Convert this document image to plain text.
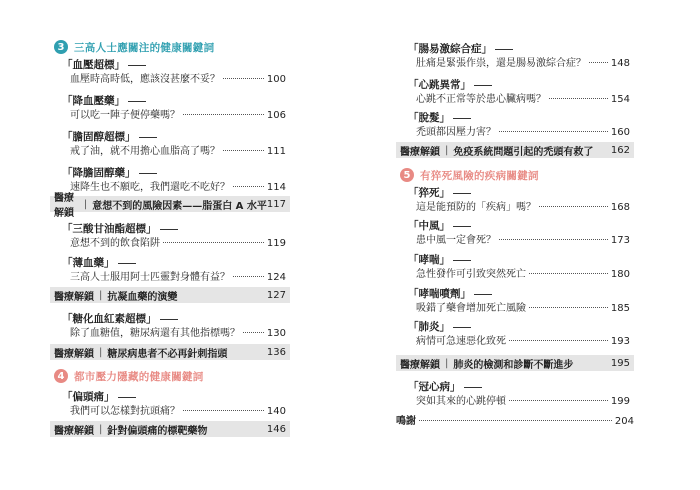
3 三高人士應關注的健康關鍵詞
「血壓超標」
血壓時高時低，應該沒甚麼不妥？	100
「降血壓藥」
可以吃一陣子便停藥嗎？	106
「膽固醇超標」
戒了油，就不用擔心血脂高了嗎？	111
「降膽固醇藥」
速降生也不願吃，我們還吃不吃好？	114
醫療解鎖
| 意想不到的風險因素——脂蛋白 A 水平 117
「三酸甘油酯超標」
意想不到的飲食陷阱	119
「薄血藥」
三高人士服用阿士匹靈對身體有益？	124
醫療解鎖 | 抗凝血藥的演變	127
「糖化血紅素超標」
除了血糖值，糖尿病還有其他指標嗎？	130
醫療解鎖 | 糖尿病患者不必再針刺指頭	136
4 都市壓力隱藏的健康關鍵詞
「偏頭痛」
我們可以怎樣對抗頭痛？	140
醫療解鎖 | 針對偏頭痛的標靶藥物	146
「腸易激綜合症」
肚痛是緊張作祟，還是腸易激綜合症？ 148
「心跳異常」
心跳不正常等於患心臟病嗎？	154
「脫髮」
禿頭都因壓力害？	160
醫療解鎖 | 免疫系統問題引起的禿頭有救了 162
5 有猝死風險的疾病關鍵詞
「猝死」
這是能預防的「疾病」嗎？	168
「中風」
患中風一定會死？	173
「哮喘」
急性發作可引致突然死亡	180
「哮喘噴劑」
吸錯了藥會增加死亡風險	185
「肺炎」
病情可急速惡化致死	193
醫療解鎖 | 肺炎的檢測和診斷不斷進步	195
「冠心病」
突如其來的心跳停頓	199
鳴謝	204
